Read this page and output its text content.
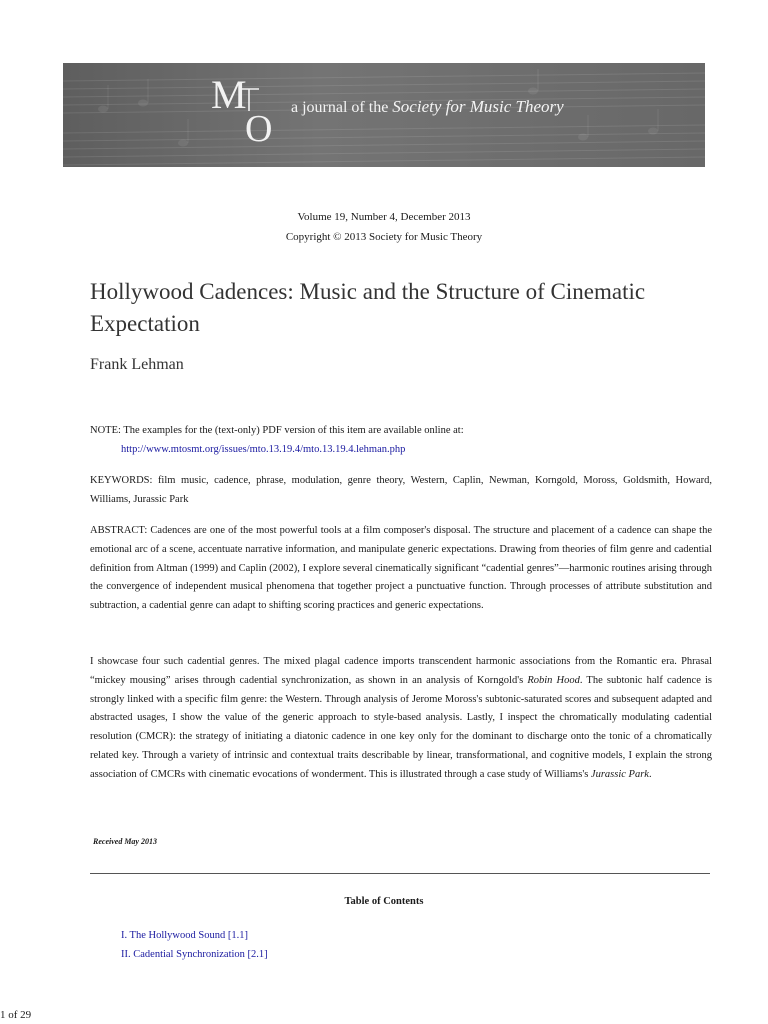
M
O
a journal of the Society for Music Theory
Volume 19, Number 4, December 2013
Copyright © 2013 Society for Music Theory
Hollywood Cadences: Music and the Structure of Cinematic Expectation
Frank Lehman
NOTE: The examples for the (text-only) PDF version of this item are available online at:
http://www.mtosmt.org/issues/mto.13.19.4/mto.13.19.4.lehman.php
KEYWORDS: film music, cadence, phrase, modulation, genre theory, Western, Caplin, Newman, Korngold, Moross, Goldsmith, Howard, Williams, Jurassic Park
ABSTRACT: Cadences are one of the most powerful tools at a film composer's disposal. The structure and placement of a cadence can shape the emotional arc of a scene, accentuate narrative information, and manipulate generic expectations. Drawing from theories of film genre and cadential definition from Altman (1999) and Caplin (2002), I explore several cinematically significant “cadential genres”—harmonic routines arising through the convergence of independent musical phenomena that together project a punctuative function. Through processes of attribute substitution and subtraction, a cadential genre can adapt to shifting scoring practices and generic expectations.
I showcase four such cadential genres. The mixed plagal cadence imports transcendent harmonic associations from the Romantic era. Phrasal “mickey mousing” arises through cadential synchronization, as shown in an analysis of Korngold's Robin Hood. The subtonic half cadence is strongly linked with a specific film genre: the Western. Through analysis of Jerome Moross's subtonic-saturated scores and subsequent adapted and abstracted usages, I show the value of the generic approach to style-based analysis. Lastly, I inspect the chromatically modulating cadential resolution (CMCR): the strategy of initiating a diatonic cadence in one key only for the dominant to discharge onto the tonic of a chromatically related key. Through a variety of intrinsic and contextual traits describable by linear, transformational, and cognitive models, I explain the strong association of CMCRs with cinematic evocations of wonderment. This is illustrated through a case study of Williams's Jurassic Park.
Received May 2013
Table of Contents
I. The Hollywood Sound [1.1]
II. Cadential Synchronization [2.1]
1 of 29
